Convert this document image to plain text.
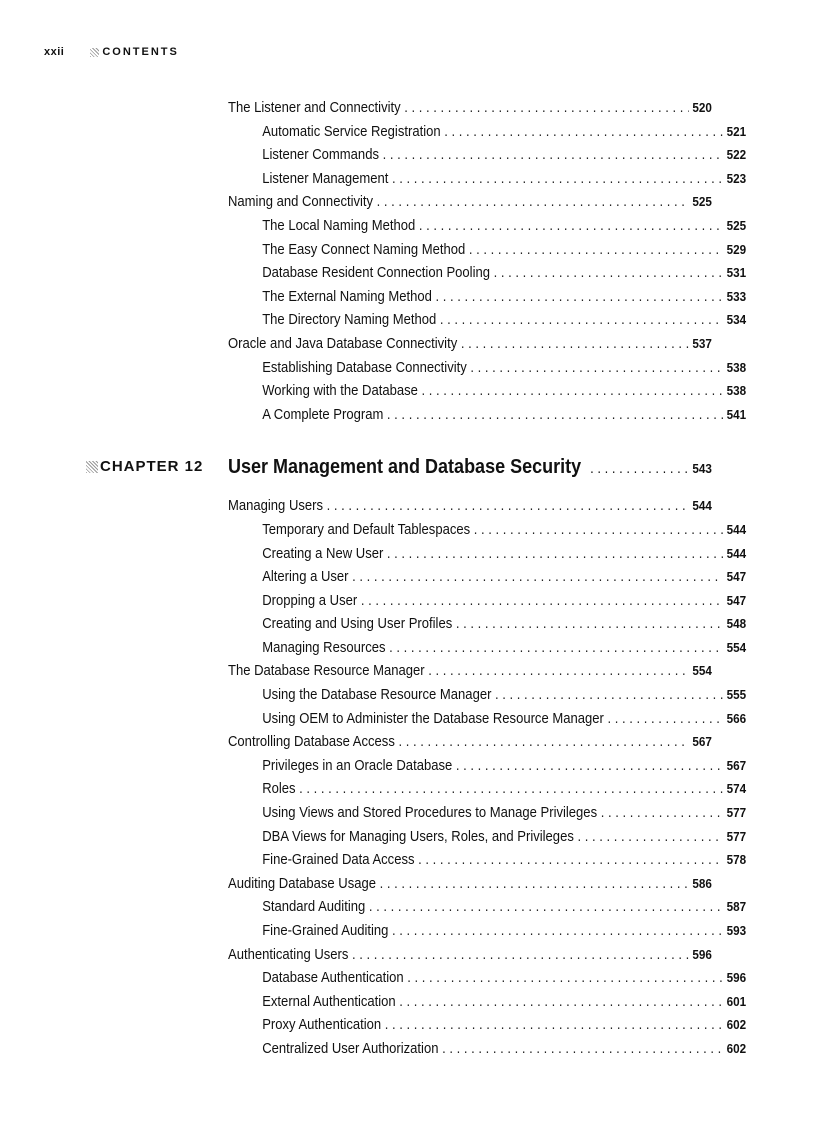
xxii	CONTENTS
The Listener and Connectivity . . .	520
Automatic Service Registration . . .	521
Listener Commands . . .	522
Listener Management . . .	523
Naming and Connectivity . . .	525
The Local Naming Method . . .	525
The Easy Connect Naming Method . . .	529
Database Resident Connection Pooling . . .	531
The External Naming Method . . .	533
The Directory Naming Method . . .	534
Oracle and Java Database Connectivity . . .	537
Establishing Database Connectivity . . .	538
Working with the Database . . .	538
A Complete Program . . .	541
CHAPTER 12 User Management and Database Security . . .	543
Managing Users . . .	544
Temporary and Default Tablespaces . . .	544
Creating a New User . . .	544
Altering a User . . .	547
Dropping a User . . .	547
Creating and Using User Profiles . . .	548
Managing Resources . . .	554
The Database Resource Manager . . .	554
Using the Database Resource Manager . . .	555
Using OEM to Administer the Database Resource Manager . . .	566
Controlling Database Access . . .	567
Privileges in an Oracle Database . . .	567
Roles . . .	574
Using Views and Stored Procedures to Manage Privileges . . .	577
DBA Views for Managing Users, Roles, and Privileges . . .	577
Fine-Grained Data Access . . .	578
Auditing Database Usage . . .	586
Standard Auditing . . .	587
Fine-Grained Auditing . . .	593
Authenticating Users . . .	596
Database Authentication . . .	596
External Authentication . . .	601
Proxy Authentication . . .	602
Centralized User Authorization . . .	602
